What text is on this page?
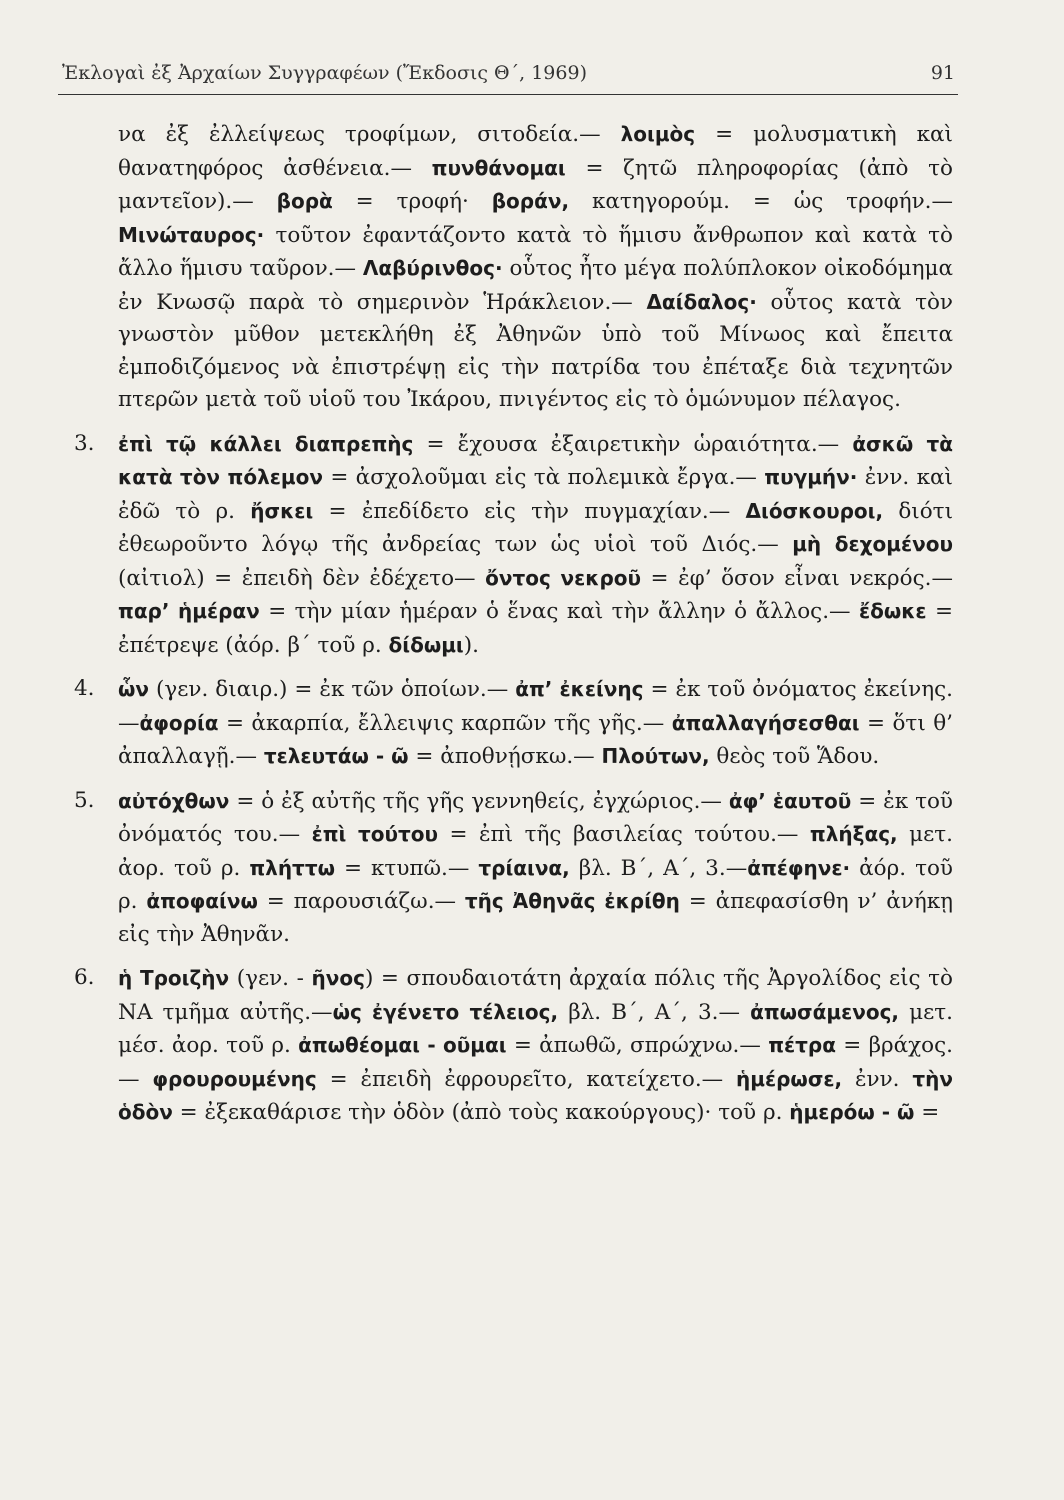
Ἐκλογαὶ ἐξ Ἀρχαίων Συγγραφέων (Ἔκδοσις Θ΄, 1969)	91

να ἐξ ἐλλείψεως τροφίμων, σιτοδεία.— λοιμὸς = μολυσματικὴ καὶ θανατηφόρος ἀσθένεια.— πυνθάνομαι = ζητῶ πληροφορίας (ἀπὸ τὸ μαντεῖον).— βορὰ = τροφή· βοράν, κατηγορούμ. = ὡς τροφήν.— Μινώταυρος· τοῦτον ἐφαντάζοντο κατὰ τὸ ἥμισυ ἄνθρωπον καὶ κατὰ τὸ ἄλλο ἥμισυ ταῦρον.— Λαβύρινθος· οὗτος ἦτο μέγα πολύπλοκον οἰκοδόμημα ἐν Κνωσῷ παρὰ τὸ σημερινὸν Ἡράκλειον.— Δαίδαλος· οὗτος κατὰ τὸν γνωστὸν μῦθον μετεκλήθη ἐξ Ἀθηνῶν ὑπὸ τοῦ Μίνωος καὶ ἔπειτα ἐμποδιζόμενος νὰ ἐπιστρέψῃ εἰς τὴν πατρίδα του ἐπέταξε διὰ τεχνητῶν πτερῶν μετὰ τοῦ υἱοῦ του Ἰκάρου, πνιγέντος εἰς τὸ ὁμώνυμον πέλαγος.

3. ἐπὶ τῷ κάλλει διαπρεπὴς = ἔχουσα ἐξαιρετικὴν ὡραιότητα.— ἀσκῶ τὰ κατὰ τὸν πόλεμον = ἀσχολοῦμαι εἰς τὰ πολεμικὰ ἔργα.— πυγμήν· ἐνν. καὶ ἐδῶ τὸ ρ. ἤσκει = ἐπεδίδετο εἰς τὴν πυγμαχίαν.— Διόσκουροι, διότι ἐθεωροῦντο λόγῳ τῆς ἀνδρείας των ὡς υἱοὶ τοῦ Διός.— μὴ δεχομένου (αἰτιολ) = ἐπειδὴ δὲν ἐδέχετο— ὄντος νεκροῦ = ἐφ’ ὅσον εἶναι νεκρός.— παρ’ ἡμέραν = τὴν μίαν ἡμέραν ὁ ἕνας καὶ τὴν ἄλλην ὁ ἄλλος.— ἔδωκε = ἐπέτρεψε (ἀόρ. β΄ τοῦ ρ. δίδωμι).

4. ὧν (γεν. διαιρ.) = ἐκ τῶν ὁποίων.— ἀπ’ ἐκείνης = ἐκ τοῦ ὀνόματος ἐκείνης.—ἀφορία = ἀκαρπία, ἔλλειψις καρπῶν τῆς γῆς.— ἀπαλλαγήσεσθαι = ὅτι θ’ ἀπαλλαγῇ.— τελευτάω - ῶ = ἀποθνῄσκω.— Πλούτων, θεὸς τοῦ Ἅδου.

5. αὐτόχθων = ὁ ἐξ αὐτῆς τῆς γῆς γεννηθείς, ἐγχώριος.— ἀφ’ ἑαυτοῦ = ἐκ τοῦ ὀνόματός του.— ἐπὶ τούτου = ἐπὶ τῆς βασιλείας τούτου.— πλήξας, μετ. ἀορ. τοῦ ρ. πλήττω = κτυπῶ.— τρίαινα, βλ. Β΄, Α΄, 3.—ἀπέφηνε· ἀόρ. τοῦ ρ. ἀποφαίνω = παρουσιάζω.— τῆς Ἀθηνᾶς ἐκρίθη = ἀπεφασίσθη ν’ ἀνήκῃ εἰς τὴν Ἀθηνᾶν.

6. ἡ Τροιζὴν (γεν. - ῆνος) = σπουδαιοτάτη ἀρχαία πόλις τῆς Ἀργολίδος εἰς τὸ ΝΑ τμῆμα αὐτῆς.—ὡς ἐγένετο τέλειος, βλ. Β΄, Α΄, 3.— ἀπωσάμενος, μετ. μέσ. ἀορ. τοῦ ρ. ἀπωθέομαι - οῦμαι = ἀπωθῶ, σπρώχνω.— πέτρα = βράχος.— φρουρουμένης = ἐπειδὴ ἐφρουρεῖτο, κατείχετο.— ἡμέρωσε, ἐνν. τὴν ὁδὸν = ἐξεκαθάρισε τὴν ὁδὸν (ἀπὸ τοὺς κακούργους)· τοῦ ρ. ἡμερόω - ῶ =
